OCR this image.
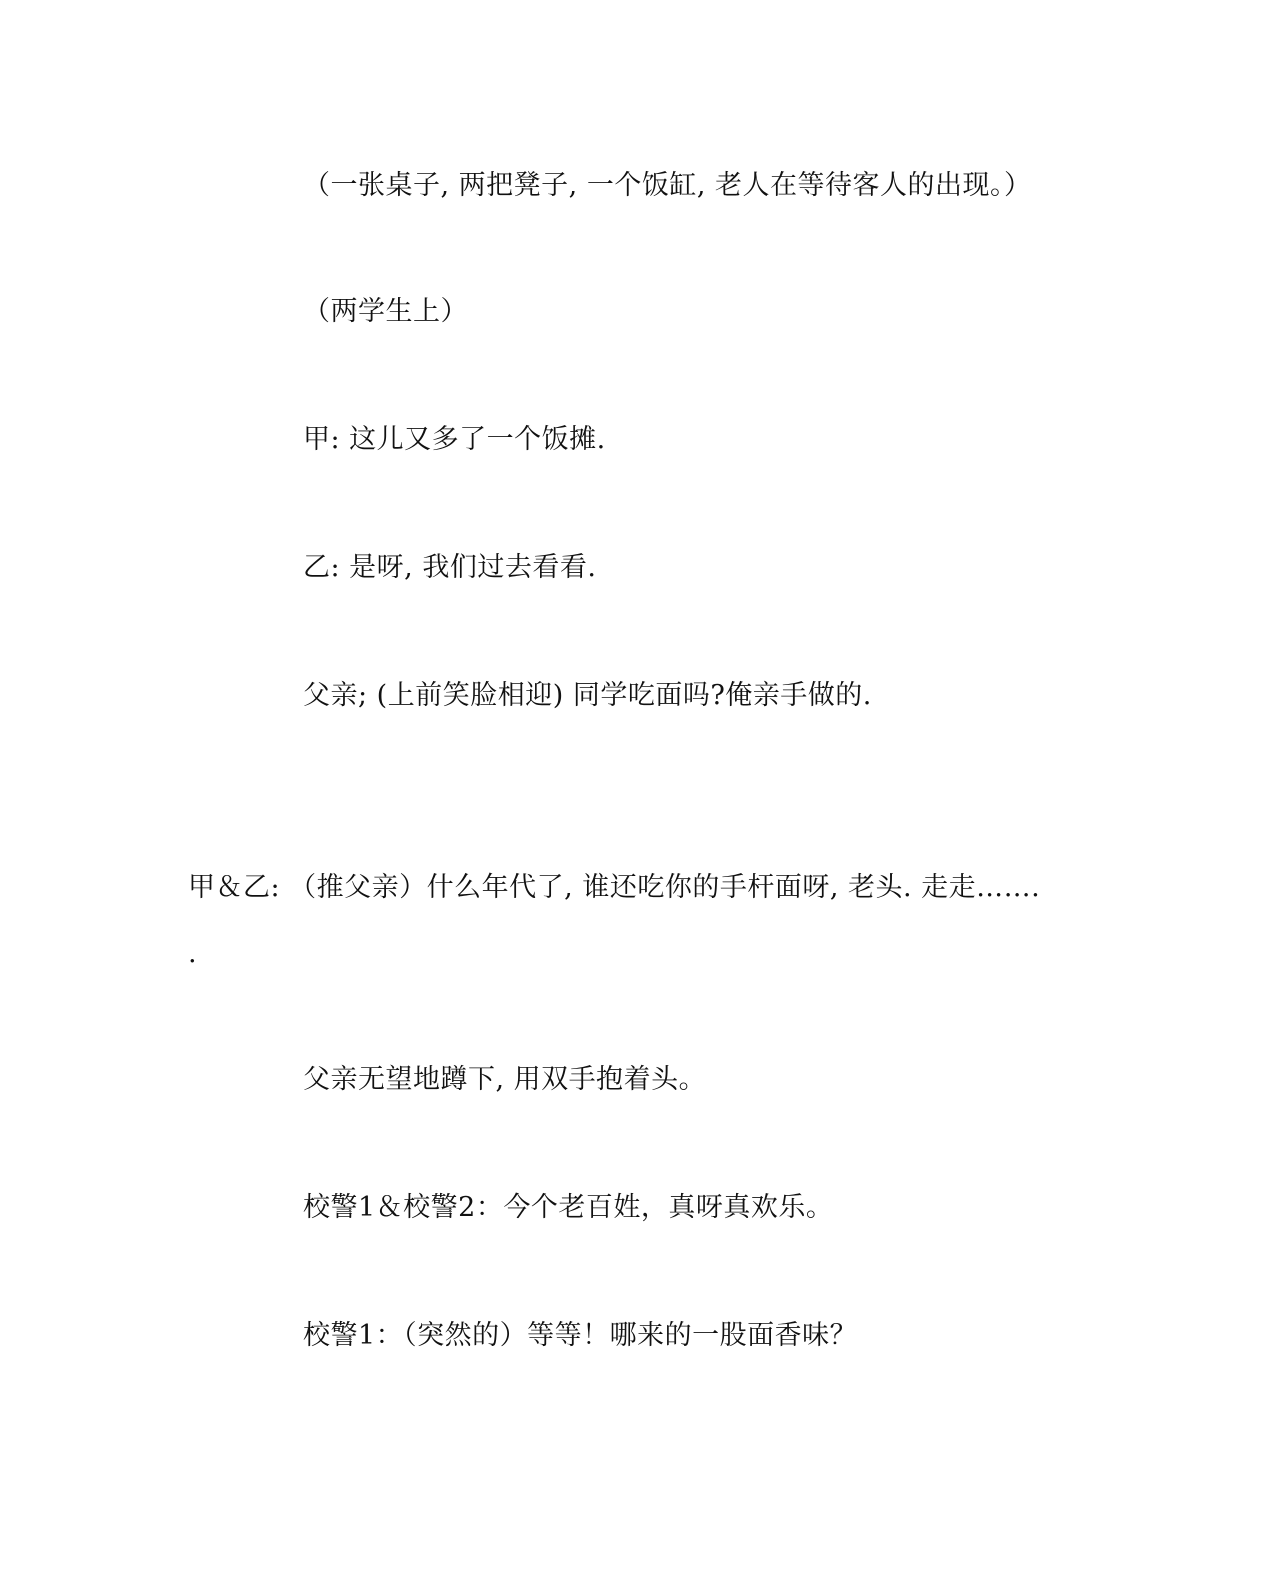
（一张桌子, 两把凳子, 一个饭缸, 老人在等待客人的出现。）
（两学生上）
甲: 这儿又多了一个饭摊.
乙: 是呀, 我们过去看看.
父亲; (上前笑脸相迎) 同学吃面吗?俺亲手做的.
甲＆乙: （推父亲）什么年代了, 谁还吃你的手杆面呀, 老头. 走走…….
.
父亲无望地蹲下, 用双手抱着头。
校警1＆校警2：今个老百姓，真呀真欢乐。
校警1：（突然的）等等！哪来的一股面香味？
